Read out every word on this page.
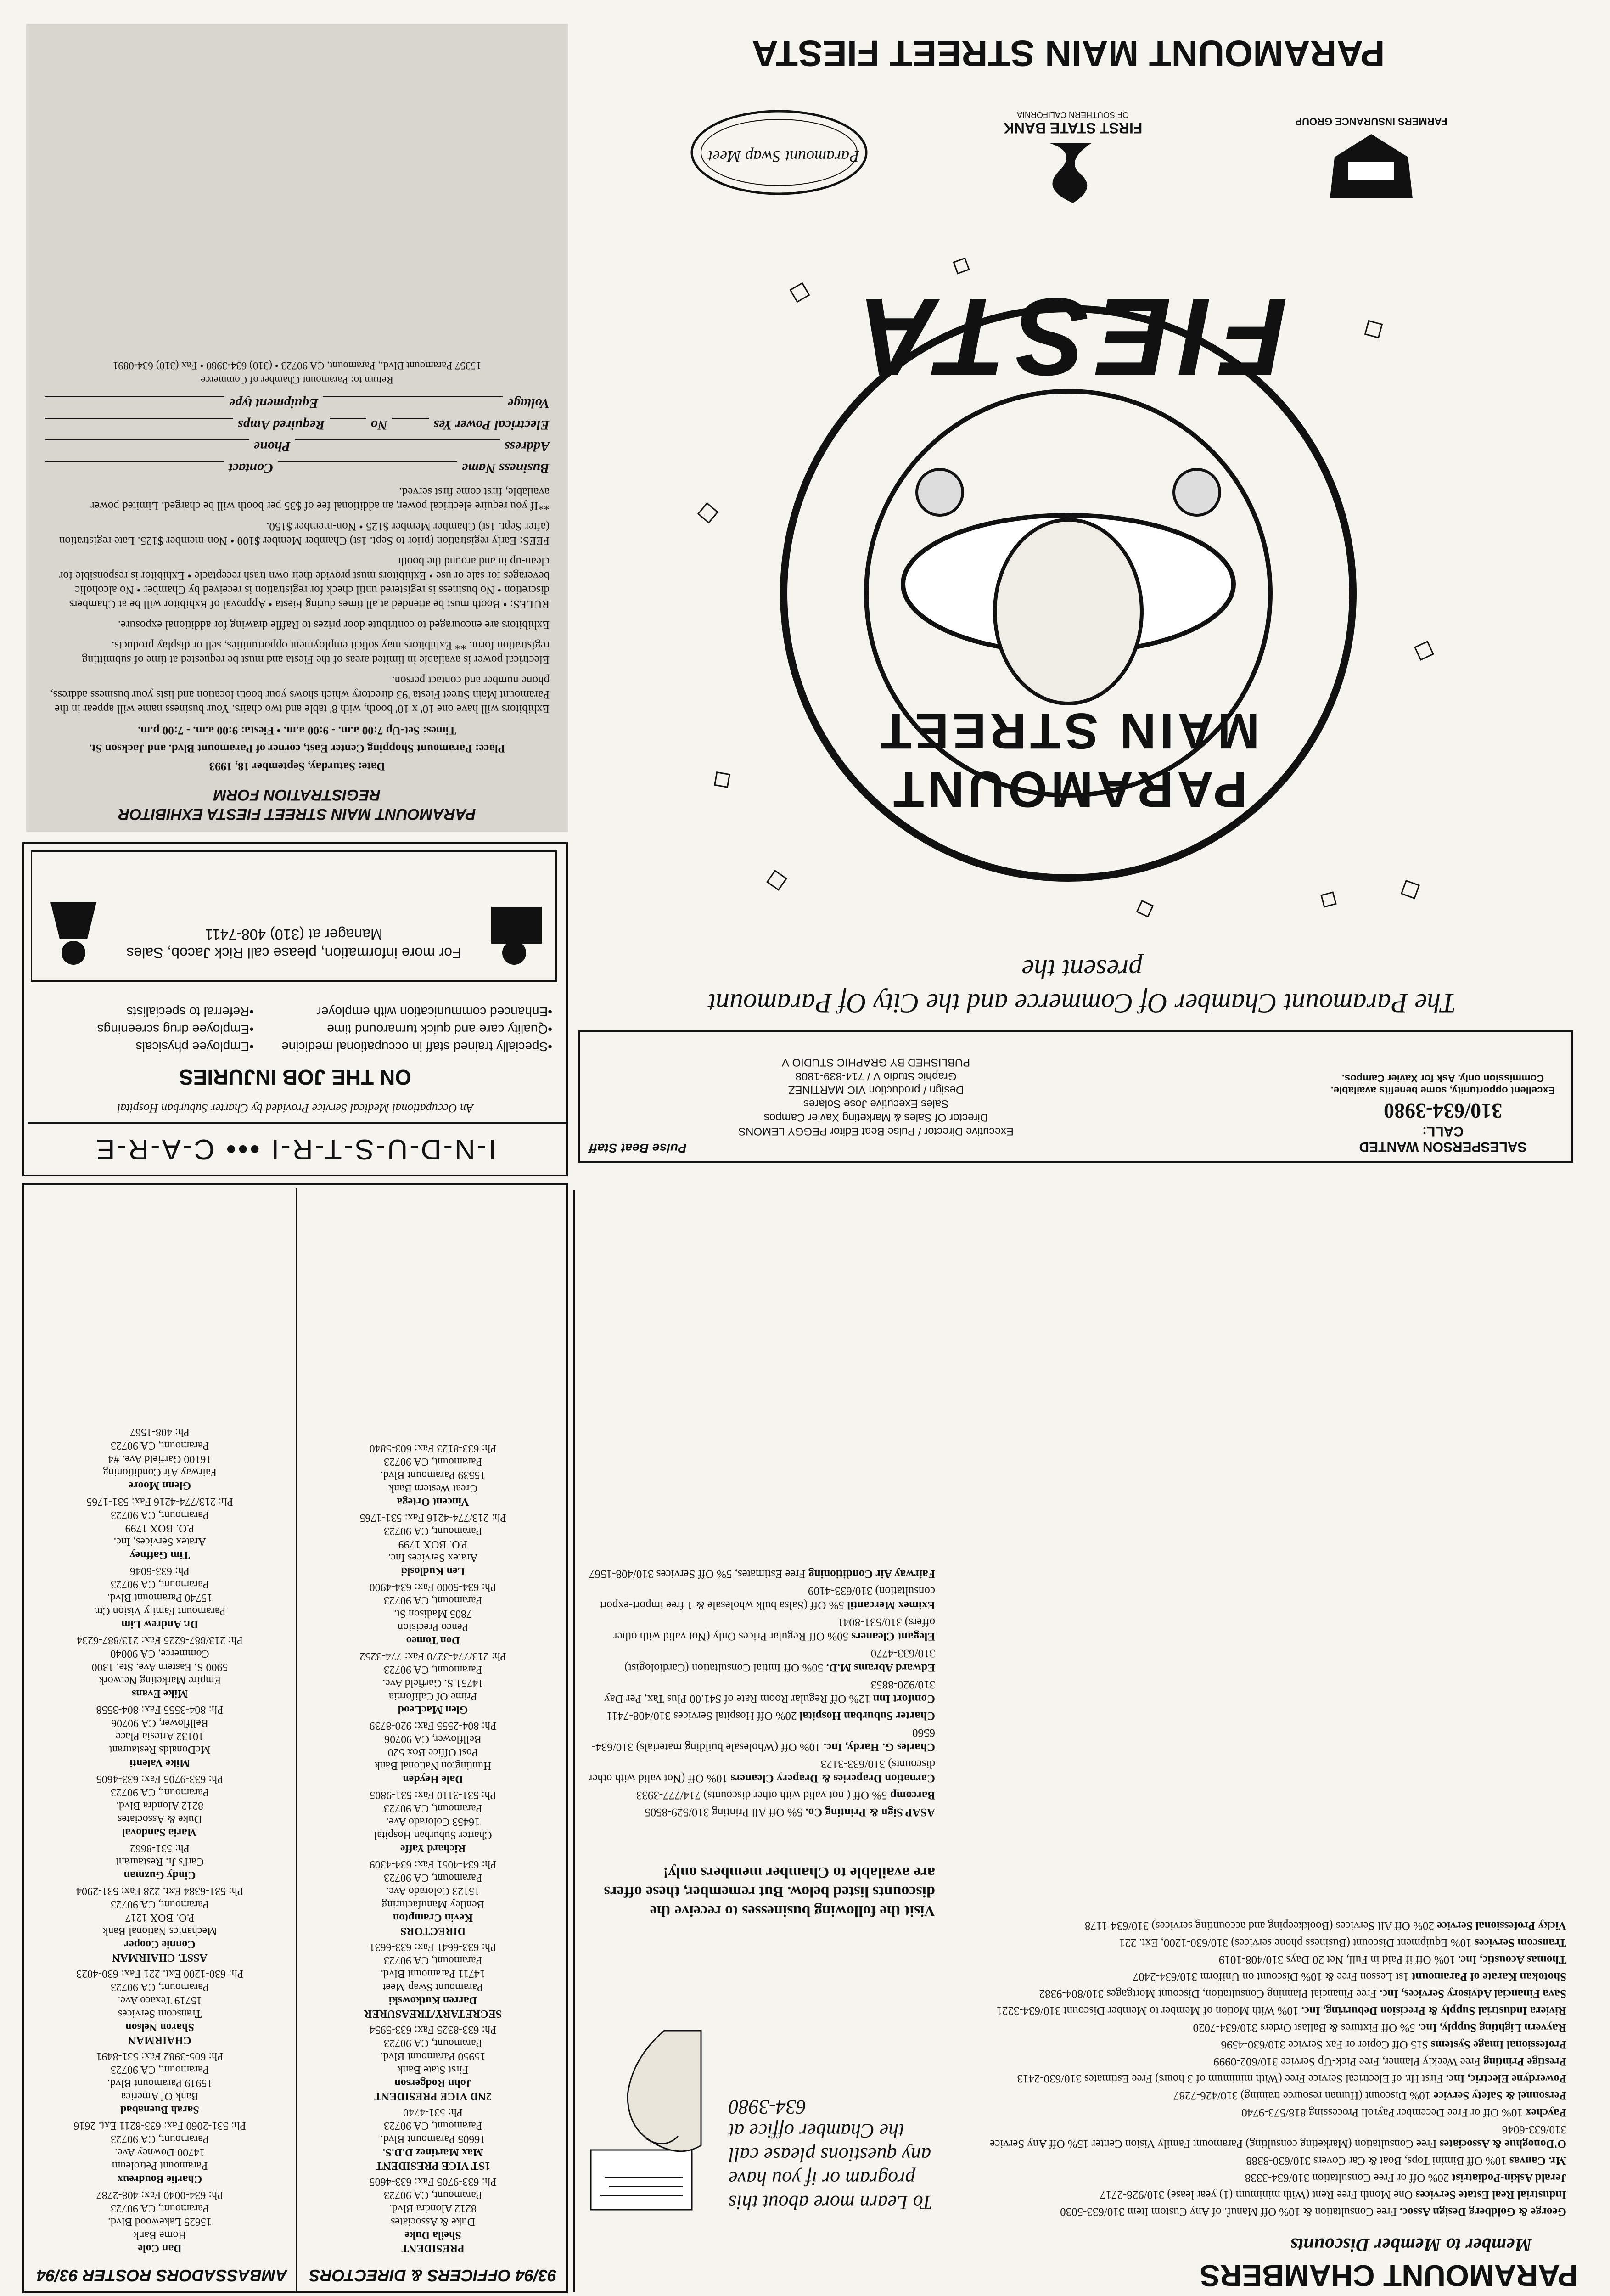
PARAMOUNT CHAMBERS
Member to Member Discounts
George & Goldberg Design Assoc. Free Consultation & 10% Off Manuf. of Any Custom Item 310/633-5030
Industrial Real Estate Services One Month Free Rent (With minimum (1) year lease) 310/928-2717
Jerald Askin-Podiatrist 20% Off or Free Consultation 310/634-3338
Mr. Canvas 10% Off Bimini Tops, Boat & Car Covers 310/630-8388
O'Donoghue & Associates Free Consultation (Marketing consulting) Paramount Family Vision Center 15% Off Any Service 310/633-6046
Paychex 10% Off or Free December Payroll Processing 818/573-9740
Personnel & Safety Service 10% Discount (Human resource training) 310/426-7287
Powerdyne Electric, Inc. First Hr. of Electrical Service Free (With minimum of 3 hours) Free Estimates 310/630-2413
Prestige Printing Free Weekly Planner, Free Pick-Up Service 310/602-0999
Professional Image Systems $15 Off Copier or Fax Service 310/630-4596
Rayvern Lighting Supply, Inc. 5% Off Fixtures & Ballast Orders 310/634-7020
Riviera Industrial Supply & Precision Deburring, Inc. 10% With Motion of Member to Member Discount 310/634-3221
Sava Financial Advisory Services, Inc. Free Financial Planning Consultation, Discount Mortgages 310/804-9382
Shotokan Karate of Paramount 1st Lesson Free & 10% Discount on Uniform 310/634-2407
Thomas Acoustic, Inc. 10% Off if Paid in Full, Net 20 Days 310/408-1019
Transcom Services 10% Equipment Discount (Business phone services) 310/630-1200, Ext. 221
Vicky Professional Service 20% Off All Services (Bookkeeping and accounting services) 310/634-1178
To Learn more about this program or if you have any questions please call the Chamber office at 634-3980
Visit the following businesses to receive the discounts listed below. But remember, these offers are available to Chamber members only!
ASAP Sign & Printing Co. 5% Off All Printing 310/529-8505
Barcomp 5% Off ( not valid with other discounts) 714/777-3933
Carnation Draperies & Drapery Cleaners 10% Off (Not valid with other discounts) 310/633-3123
Charles G. Hardy, Inc. 10% Off (Wholesale building materials) 310/634-6560
Charter Suburban Hospital 20% Off Hospital Services 310/408-7411
Comfort Inn 12% Off Regular Room Rate of $41.00 Plus Tax, Per Day 310/920-8853
Edward Abrams M.D. 50% Off Initial Consultation (Cardiologist) 310/633-4770
Elegant Cleaners 50% Off Regular Prices Only (Not valid with other offers) 310/531-8041
Eximex Mercantil 5% Off (Salsa bulk wholesale & 1 free import-export consultation) 310/633-4109
Fairway Air Conditioning Free Estimates, 5% Off Services 310/408-1567
Pulse Beat Staff
Executive Director / Pulse Beat Editor PEGGY LEMONS
Director Of Sales & Marketing Xavier Campos
Sales Executive Jose Solares
Design / production VIC MARTINEZ
Graphic Studio V / 714-839-1808
PUBLISHED BY GRAPHIC STUDIO V
SALESPERSON WANTED
CALL:
310/634-3980
Excellent opportunity, some benefits available. Commission only. Ask for Xavier Campos.
The Paramount Chamber Of Commerce and the City Of Paramount present the
PARAMOUNT MAIN STREET
FIESTA
FARMERS INSURANCE GROUP
FIRST STATE BANK
OF SOUTHERN CALIFORNIA
Paramount Swap Meet
PARAMOUNT MAIN STREET FIESTA
93/94 OFFICERS & DIRECTORS
AMBASSADORS ROSTER 93/94
PRESIDENT
Sheila Duke
Duke & Associates
8212 Alondra Blvd.
Paramount, CA 90723
Ph: 633-9705 Fax: 633-4605
1ST VICE PRESIDENT
Max Martinez D.D.S.
16605 Paramount Blvd.
Paramount, CA 90723
Ph: 531-4740
2ND VICE PRESIDENT
John Rodgerson
First State Bank
15950 Paramount Blvd.
Paramount, CA 90723
Ph: 633-8325 Fax: 633-5954
SECRETARY/TREASURER
Darren Kutkowski
Paramount Swap Meet
14711 Paramount Blvd.
Paramount, CA 90723
Ph: 633-6641 Fax: 633-6631
DIRECTORS
Kevin Crampton
Bentley Manufacturing
15123 Colorado Ave.
Paramount, CA 90723
Ph: 634-4051 Fax: 634-4309
Richard Yaffe
Charter Suburban Hospital
16453 Colorado Ave.
Paramount, CA 90723
Ph: 531-3110 Fax: 531-9805
Dale Heyden
Huntington National Bank
Post Office Box 520
Bellflower, CA 90706
Ph: 804-2555 Fax: 920-8739
Glen MacLeod
Prime Of California
14751 S. Garfield Ave.
Paramount, CA 90723
Ph: 213/774-3270 Fax: 774-3252
Don Tomeo
Penco Precision
7805 Madison St.
Paramount, CA 90723
Ph: 634-5000 Fax: 634-4900
Len Kudloski
Aratex Services Inc.
P.O. BOX 1799
Paramount, CA 90723
Ph: 213/774-4216 Fax: 531-1765
Vincent Ortega
Great Western Bank
15539 Paramount Blvd.
Paramount, CA 90723
Ph: 633-8123 Fax: 603-5840
Dan Cole
Home Bank
15625 Lakewood Blvd.
Paramount, CA 90723
Ph: 634-0040 Fax: 408-2787
Charlie Boudreux
Paramount Petroleum
14700 Downey Ave.
Paramount, CA 90723
Ph: 531-2060 Fax: 633-8211 Ext. 2616
Sarah Buenabad
Bank Of America
15919 Paramount Blvd.
Paramount, CA 90723
Ph: 605-3982 Fax: 531-8491
CHAIRMAN
Sharon Nelson
Transcom Services
15719 Texaco Ave.
Paramount, CA 90723
Ph: 630-1200 Ext. 221 Fax: 630-4023
ASST. CHAIRMAN
Connie Cooper
Mechanics National Bank
P.O. BOX 1217
Paramount, CA 90723
Ph: 531-6384 Ext. 228 Fax: 531-2904
Cindy Guzman
Carl's Jr. Restaurant
Ph: 531-8662
Maria Sandoval
Duke & Associates
8212 Alondra Blvd.
Paramount, CA 90723
Ph: 633-9705 Fax: 633-4605
Mike Valenti
McDonalds Restaurant
10132 Artesia Place
Bellflower, CA 90706
Ph: 804-3555 Fax: 804-3558
Mike Evans
Empire Marketing Network
5900 S. Eastern Ave. Ste. 1300
Commerce, CA 90040
Ph: 213/887-6225 Fax: 213/887-6234
Dr. Andrew Lim
Paramount Family Vision Ctr.
15740 Paramount Blvd.
Paramount, CA 90723
Ph: 633-6046
Tim Gaffney
Aratex Services, Inc.
P.O. BOX 1799
Paramount, CA 90723
Ph: 213/774-4216 Fax: 531-1765
Glenn Moore
Fairway Air Conditioning
16100 Garfield Ave. #4
Paramount, CA 90723
Ph: 408-1567
I-N-D-U-S-T-R-I ••• C-A-R-E
An Occupational Medical Service Provided by Charter Suburban Hospital
ON THE JOB INJURIES
•Specially trained staff in occupational medicine
•Quality care and quick turnaround time
•Enhanced communication with employer
•Employee physicals
•Employee drug screenings
•Referral to specialists
For more information, please call Rick Jacob, Sales Manager at (310) 408-7411
PARAMOUNT MAIN STREET FIESTA EXHIBITOR
REGISTRATION FORM
Date: Saturday, September 18, 1993
Place: Paramount Shopping Center East, corner of Paramount Blvd. and Jackson St.
Times: Set-Up 7:00 a.m. - 9:00 a.m. • Fiesta: 9:00 a.m. - 7:00 p.m.
Exhibitors will have one 10' x 10' booth, with 8' table and two chairs. Your business name will appear in the Paramount Main Street Fiesta '93 directory which shows your booth location and lists your business address, phone number and contact person.
Electrical power is available in limited areas of the Fiesta and must be requested at time of submitting registration form. ** Exhibitors may solicit employment opportunities, sell or display products.
Exhibitors are encouraged to contribute door prizes to Raffle drawing for additional exposure.
RULES: • Booth must be attended at all times during Fiesta • Approval of Exhibitor will be at Chambers discretion • No business is registered until check for registration is received by Chamber • No alcoholic beverages for sale or use • Exhibitors must provide their own trash receptacle • Exhibitor is responsible for clean-up in and around the booth
FEES: Early registration (prior to Sept. 1st) Chamber Member $100 • Non-member $125. Late registration (after Sept. 1st) Chamber Member $125 • Non-member $150.
**If you require electrical power, an additional fee of $35 per booth will be charged. Limited power available, first come first served.
Business Name
Contact
Address
Phone
Electrical Power Yes
No
Required Amps
Voltage
Equipment type
Return to: Paramount Chamber of Commerce
15357 Paramount Blvd., Paramount, CA 90723 • (310) 634-3980 • Fax (310) 634-0891
